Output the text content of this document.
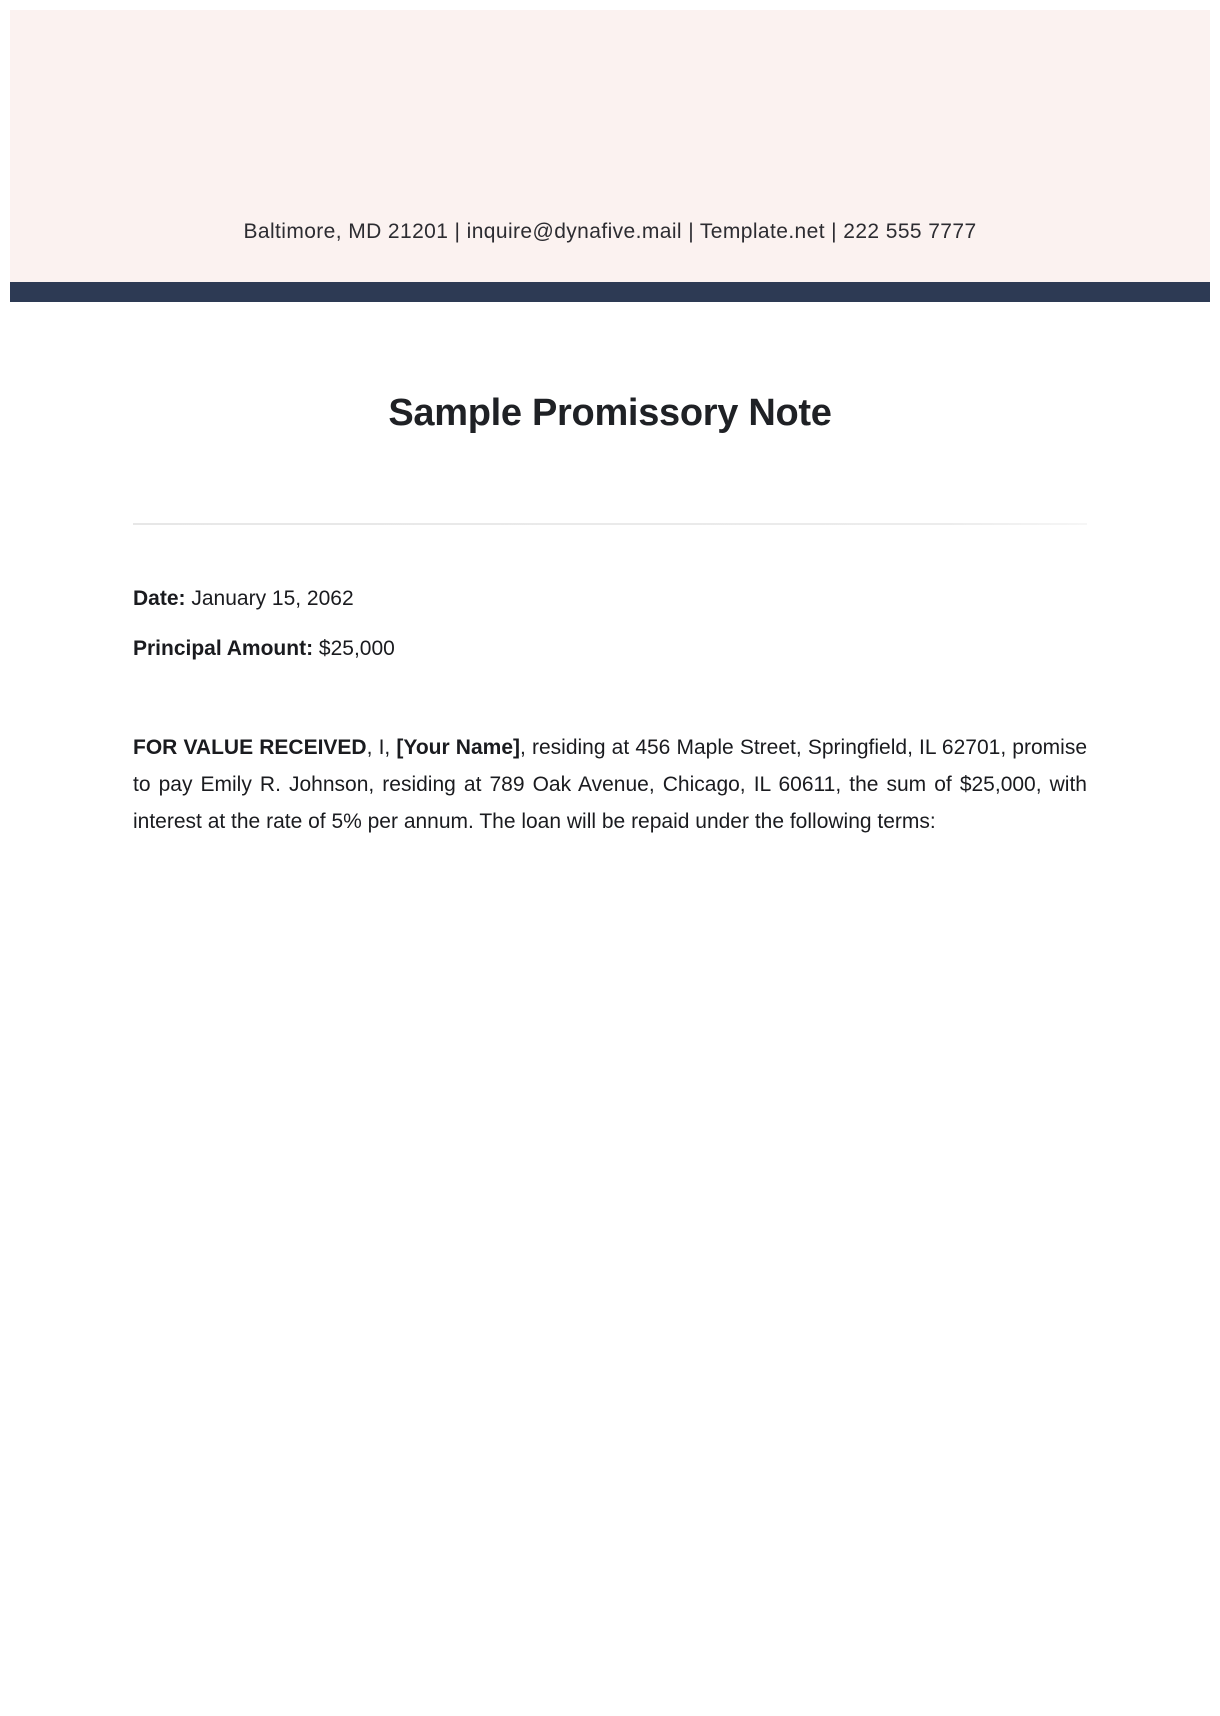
Baltimore, MD 21201 | inquire@dynafive.mail | Template.net | 222 555 7777
Sample Promissory Note

Date: January 15, 2062

Principal Amount: $25,000

FOR VALUE RECEIVED, I, [Your Name], residing at 456 Maple Street, Springfield, IL 62701, promise to pay Emily R. Johnson, residing at 789 Oak Avenue, Chicago, IL 60611, the sum of $25,000, with interest at the rate of 5% per annum. The loan will be repaid under the following terms:
